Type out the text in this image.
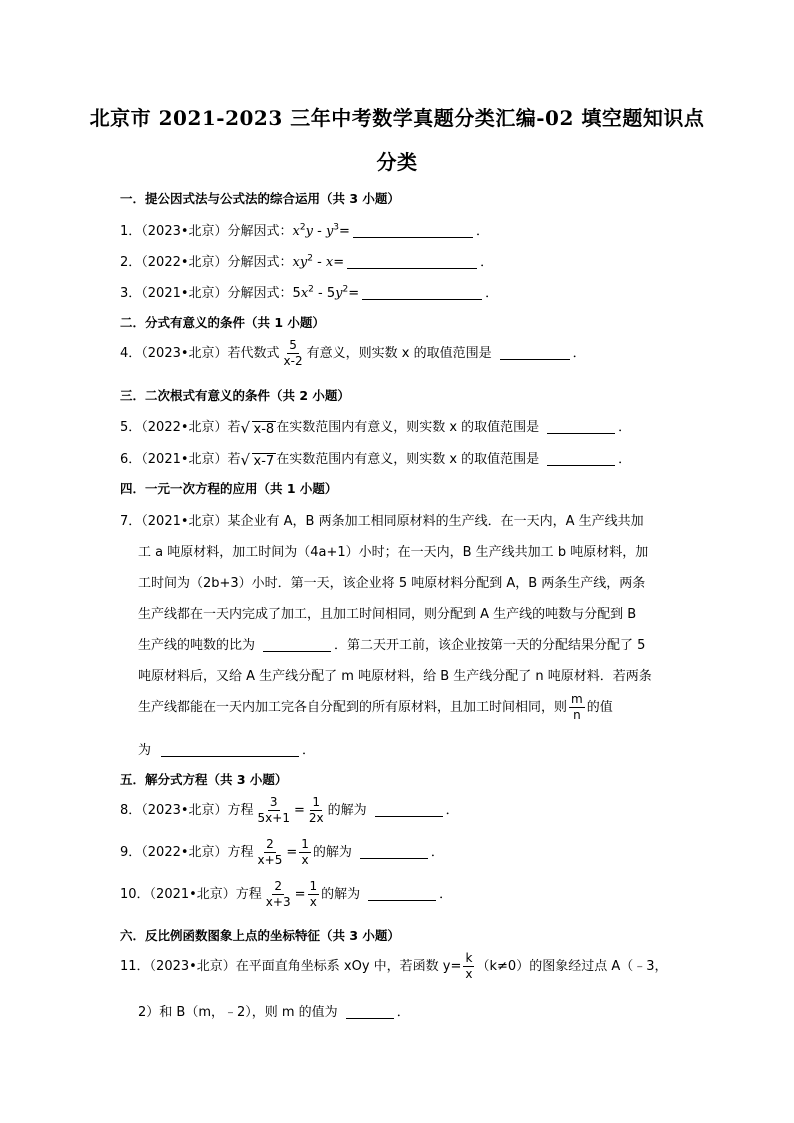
北京市 2021-2023 三年中考数学真题分类汇编-02 填空题知识点
分类
一．提公因式法与公式法的综合运用（共 3 小题）
1．（2023•北京）分解因式：$x^2y - y^3=$	．
2．（2022•北京）分解因式：$xy^2 - x=$	．
3．（2021•北京）分解因式：$5x^2 - 5y^2=$	．
二．分式有意义的条件（共 1 小题）
4．（2023•北京）若代数式 $\frac{5}{x-2}$ 有意义，则实数 x 的取值范围是	．
三．二次根式有意义的条件（共 2 小题）
5．（2022•北京）若 √ x-8 在实数范围内有意义，则实数 x 的取值范围是	．
6．（2021•北京）若 √ x-7 在实数范围内有意义，则实数 x 的取值范围是	．
四．一元一次方程的应用（共 1 小题）
7．（2021•北京）某企业有 A，B 两条加工相同原材料的生产线．在一天内，A 生产线共加
工 a 吨原材料，加工时间为（4a+1）小时；在一天内，B 生产线共加工 b 吨原材料，加
工时间为（2b+3）小时．第一天，该企业将 5 吨原材料分配到 A，B 两条生产线，两条
生产线都在一天内完成了加工，且加工时间相同，则分配到 A 生产线的吨数与分配到 B
生产线的吨数的比为	．第二天开工前，该企业按第一天的分配结果分配了 5
吨原材料后，又给 A 生产线分配了 m 吨原材料，给 B 生产线分配了 n 吨原材料．若两条
生产线都能在一天内加工完各自分配到的所有原材料，且加工时间相同，则 $\frac{m}{n}$ 的值
为	．
五．解分式方程（共 3 小题）
8．（2023•北京）方程 $\frac{3}{5x+1} = \frac{1}{2x}$ 的解为	．
9．（2022•北京）方程 $\frac{2}{x+5} = \frac{1}{x}$ 的解为	．
10．（2021•北京）方程 $\frac{2}{x+3} = \frac{1}{x}$ 的解为	．
六．反比例函数图象上点的坐标特征（共 3 小题）
11．（2023•北京）在平面直角坐标系 xOy 中，若函数 $y= \frac{k}{x} (k\ne 0)$的图象经过点 A（﹣3，
2）和 B（m，﹣2），则 m 的值为	．
